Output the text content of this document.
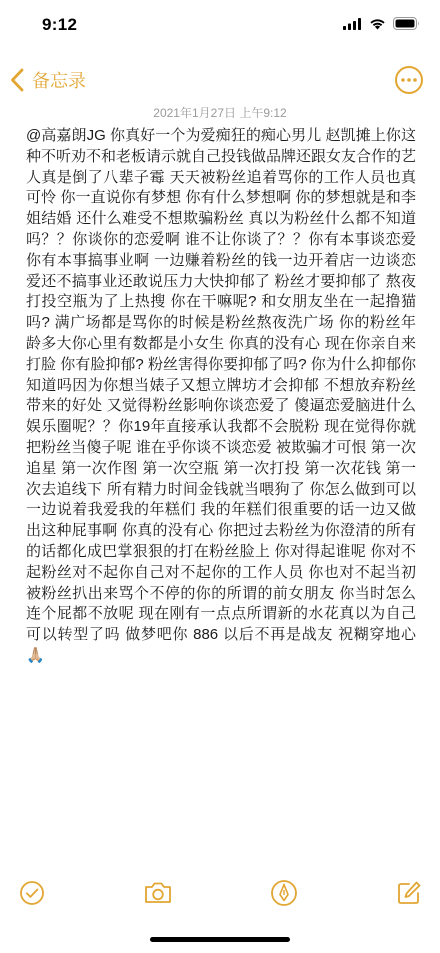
9:12
备忘录
2021年1月27日 上午9:12
@高嘉朗JG 你真好一个为爱痴狂的痴心男儿 赵凯摊上你这种不听劝不和老板请示就自己投钱做品牌还跟女友合作的艺人真是倒了八辈子霉 天天被粉丝追着骂你的工作人员也真可怜 你一直说你有梦想 你有什么梦想啊 你的梦想就是和李姐结婚 还什么难受不想欺骗粉丝 真以为粉丝什么都不知道吗？？你谈你的恋爱啊 谁不让你谈了？？你有本事谈恋爱你有本事搞事业啊 一边赚着粉丝的钱一边开着店一边谈恋爱还不搞事业还敢说压力大快抑郁了 粉丝才要抑郁了 熬夜打投空瓶为了上热搜 你在干嘛呢? 和女朋友坐在一起撸猫吗? 满广场都是骂你的时候是粉丝熬夜洗广场 你的粉丝年龄多大你心里有数都是小女生 你真的没有心 现在你亲自来打脸 你有脸抑郁? 粉丝害得你要抑郁了吗? 你为什么抑郁你知道吗因为你想当婊子又想立牌坊才会抑郁 不想放弃粉丝带来的好处 又觉得粉丝影响你谈恋爱了 傻逼恋爱脑进什么娱乐圈呢？？你19年直接承认我都不会脱粉 现在觉得你就把粉丝当傻子呢 谁在乎你谈不谈恋爱 被欺骗才可恨 第一次追星 第一次作图 第一次空瓶 第一次打投 第一次花钱 第一次去追线下 所有精力时间金钱就当喂狗了 你怎么做到可以一边说着我爱我的年糕们 我的年糕们很重要的话一边又做出这种屁事啊 你真的没有心 你把过去粉丝为你澄清的所有的话都化成巴掌狠狠的打在粉丝脸上 你对得起谁呢 你对不起粉丝对不起你自己对不起你的工作人员 你也对不起当初被粉丝扒出来骂个不停的你的所谓的前女朋友 你当时怎么连个屁都不放呢 现在刚有一点点所谓新的水花真以为自己可以转型了吗 做梦吧你 886 以后不再是战友 祝糊穿地心🙏🏼
